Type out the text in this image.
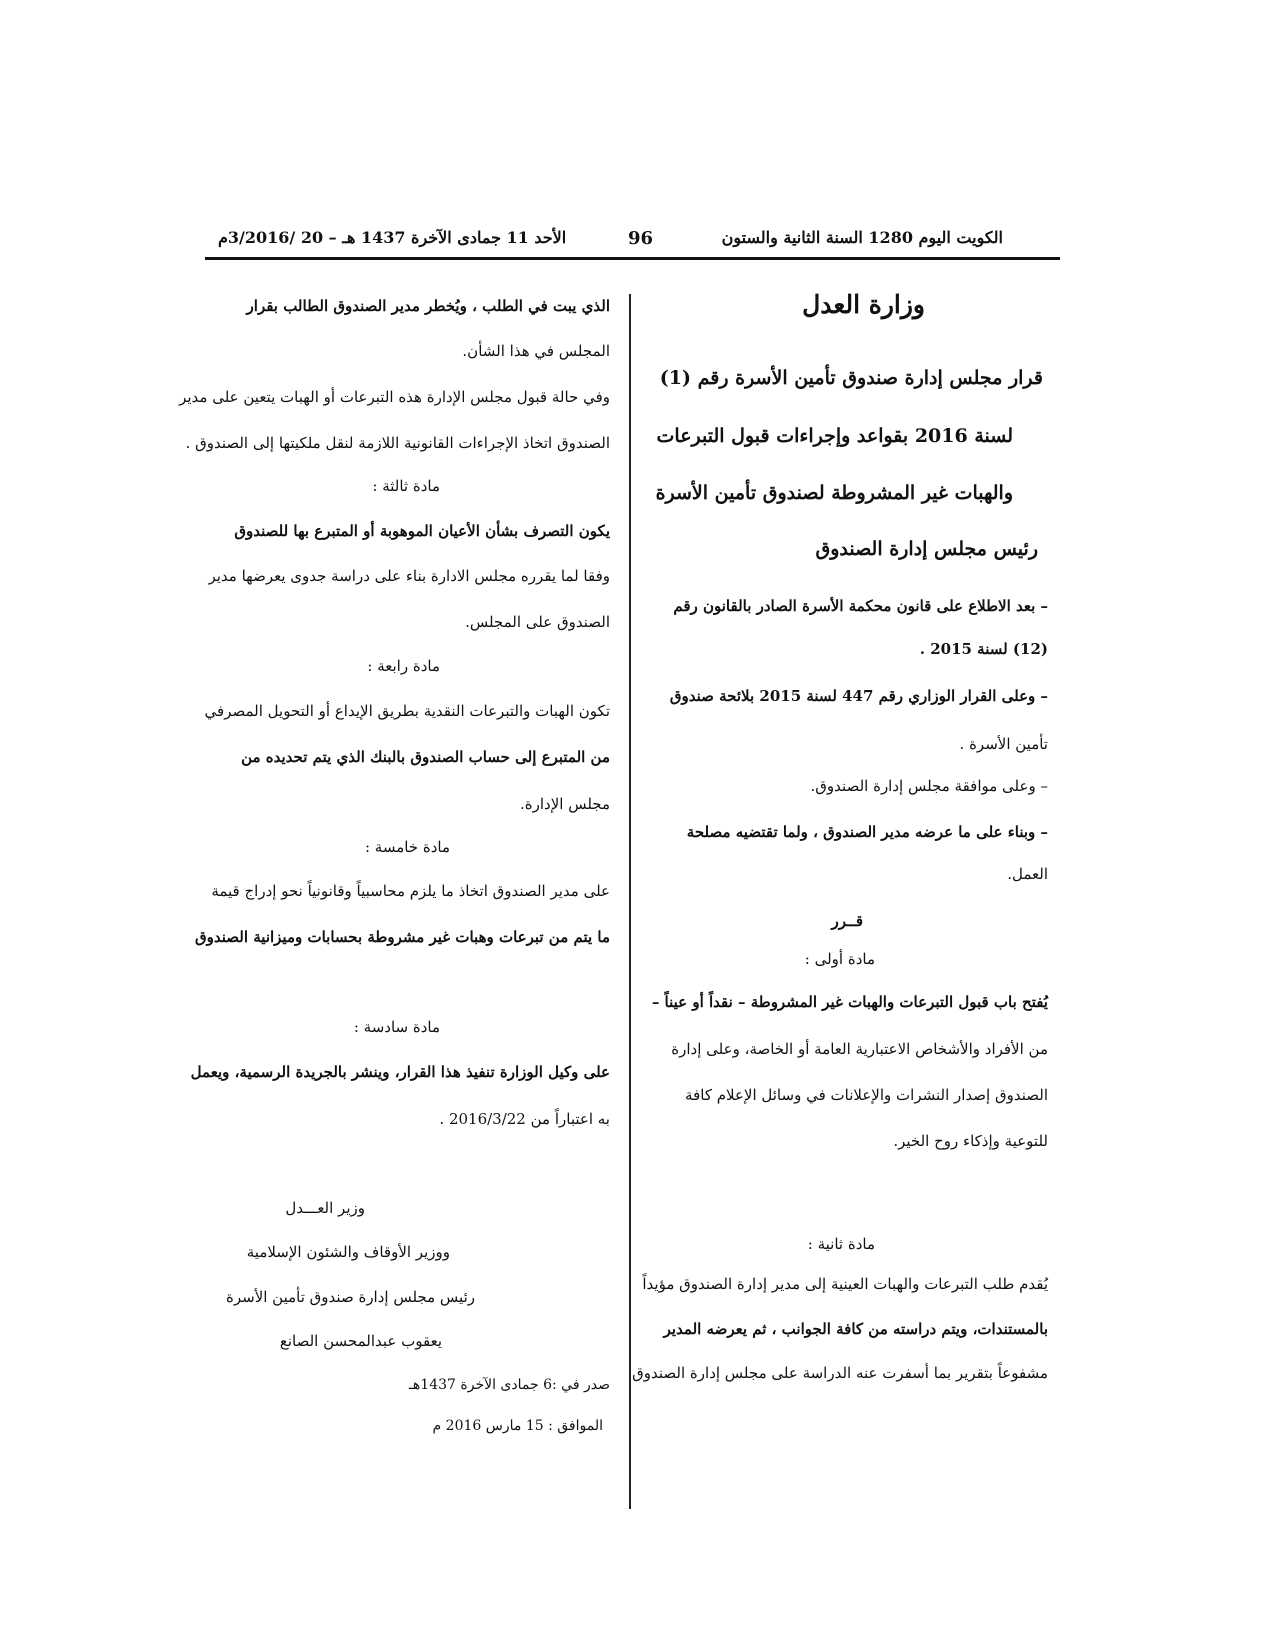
الكويت اليوم 1280 السنة الثانية والستون
96
الأحد 11 جمادى الآخرة 1437 هـ – 20 /3/2016م
وزارة العدل
قرار مجلس إدارة صندوق تأمين الأسرة رقم (1)
لسنة 2016 بقواعد وإجراءات قبول التبرعات
والهبات غير المشروطة لصندوق تأمين الأسرة
رئيس مجلس إدارة الصندوق
– بعد الاطلاع على قانون محكمة الأسرة الصادر بالقانون رقم
(12) لسنة 2015 .
– وعلى القرار الوزاري رقم 447 لسنة 2015 بلائحة صندوق
تأمين الأسرة .
– وعلى موافقة مجلس إدارة الصندوق.
– وبناء على ما عرضه مدير الصندوق ، ولما تقتضيه مصلحة
العمل.
قــرر
مادة أولى :
يُفتح باب قبول التبرعات والهبات غير المشروطة – نقداً أو عيناً –
من الأفراد والأشخاص الاعتبارية العامة أو الخاصة، وعلى إدارة
الصندوق إصدار النشرات والإعلانات في وسائل الإعلام كافة
للتوعية وإذكاء روح الخير.
مادة ثانية :
يُقدم طلب التبرعات والهبات العينية إلى مدير إدارة الصندوق مؤيداً
بالمستندات، ويتم دراسته من كافة الجوانب ، ثم يعرضه المدير
مشفوعاً بتقرير بما أسفرت عنه الدراسة على مجلس إدارة الصندوق
الذي يبت في الطلب ، ويُخطر مدير الصندوق الطالب بقرار
المجلس في هذا الشأن.
وفي حالة قبول مجلس الإدارة هذه التبرعات أو الهبات يتعين على مدير
الصندوق اتخاذ الإجراءات القانونية اللازمة لنقل ملكيتها إلى الصندوق .
مادة ثالثة :
يكون التصرف بشأن الأعيان الموهوبة أو المتبرع بها للصندوق
وفقا لما يقرره مجلس الادارة بناء على دراسة جدوى يعرضها مدير
الصندوق على المجلس.
مادة رابعة :
تكون الهبات والتبرعات النقدية بطريق الإيداع أو التحويل المصرفي
من المتبرع إلى حساب الصندوق بالبنك الذي يتم تحديده من
مجلس الإدارة.
مادة خامسة :
على مدير الصندوق اتخاذ ما يلزم محاسبياً وقانونياً نحو إدراج قيمة
ما يتم من تبرعات وهبات غير مشروطة بحسابات وميزانية الصندوق
مادة سادسة :
على وكيل الوزارة تنفيذ هذا القرار، وينشر بالجريدة الرسمية، ويعمل
به اعتباراً من 2016/3/22 .
وزير العـــدل
ووزير الأوقاف والشئون الإسلامية
رئيس مجلس إدارة صندوق تأمين الأسرة
يعقوب عبدالمحسن الصانع
صدر في :6 جمادى الآخرة 1437هـ
الموافق : 15 مارس 2016 م
